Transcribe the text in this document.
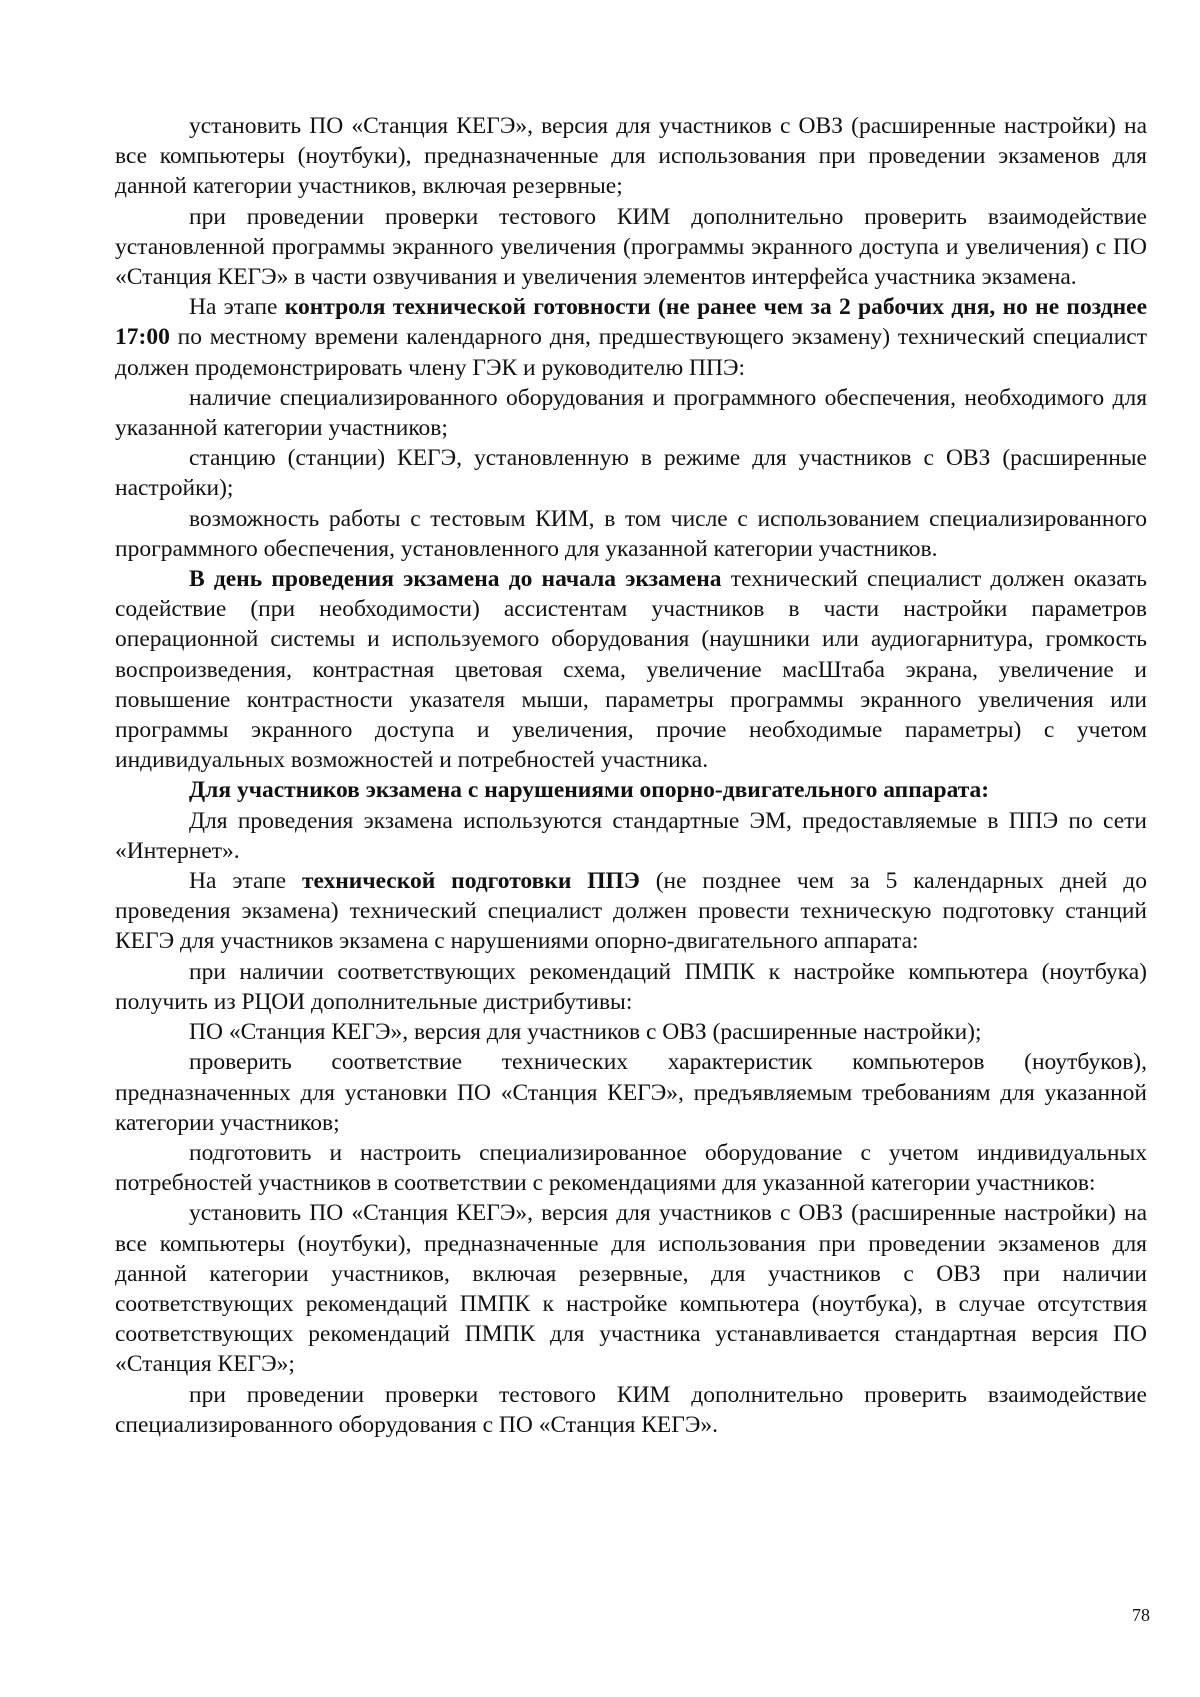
установить ПО «Станция КЕГЭ», версия для участников с ОВЗ (расширенные настройки) на все компьютеры (ноутбуки), предназначенные для использования при проведении экзаменов для данной категории участников, включая резервные;

при проведении проверки тестового КИМ дополнительно проверить взаимодействие установленной программы экранного увеличения (программы экранного доступа и увеличения) с ПО «Станция КЕГЭ» в части озвучивания и увеличения элементов интерфейса участника экзамена.

На этапе контроля технической готовности (не ранее чем за 2 рабочих дня, но не позднее 17:00 по местному времени календарного дня, предшествующего экзамену) технический специалист должен продемонстрировать члену ГЭК и руководителю ППЭ:

наличие специализированного оборудования и программного обеспечения, необходимого для указанной категории участников;

станцию (станции) КЕГЭ, установленную в режиме для участников с ОВЗ (расширенные настройки);

возможность работы с тестовым КИМ, в том числе с использованием специализированного программного обеспечения, установленного для указанной категории участников.

В день проведения экзамена до начала экзамена технический специалист должен оказать содействие (при необходимости) ассистентам участников в части настройки параметров операционной системы и используемого оборудования (наушники или аудиогарнитура, громкость воспроизведения, контрастная цветовая схема, увеличение масШтаба экрана, увеличение и повышение контрастности указателя мыши, параметры программы экранного увеличения или программы экранного доступа и увеличения, прочие необходимые параметры) с учетом индивидуальных возможностей и потребностей участника.

Для участников экзамена с нарушениями опорно-двигательного аппарата:

Для проведения экзамена используются стандартные ЭМ, предоставляемые в ППЭ по сети «Интернет».

На этапе технической подготовки ППЭ (не позднее чем за 5 календарных дней до проведения экзамена) технический специалист должен провести техническую подготовку станций КЕГЭ для участников экзамена с нарушениями опорно-двигательного аппарата:

при наличии соответствующих рекомендаций ПМПК к настройке компьютера (ноутбука) получить из РЦОИ дополнительные дистрибутивы:

ПО «Станция КЕГЭ», версия для участников с ОВЗ (расширенные настройки);

проверить соответствие технических характеристик компьютеров (ноутбуков), предназначенных для установки ПО «Станция КЕГЭ», предъявляемым требованиям для указанной категории участников;

подготовить и настроить специализированное оборудование с учетом индивидуальных потребностей участников в соответствии с рекомендациями для указанной категории участников:

установить ПО «Станция КЕГЭ», версия для участников с ОВЗ (расширенные настройки) на все компьютеры (ноутбуки), предназначенные для использования при проведении экзаменов для данной категории участников, включая резервные, для участников с ОВЗ при наличии соответствующих рекомендаций ПМПК к настройке компьютера (ноутбука), в случае отсутствия соответствующих рекомендаций ПМПК для участника устанавливается стандартная версия ПО «Станция КЕГЭ»;

при проведении проверки тестового КИМ дополнительно проверить взаимодействие специализированного оборудования с ПО «Станция КЕГЭ».

78
